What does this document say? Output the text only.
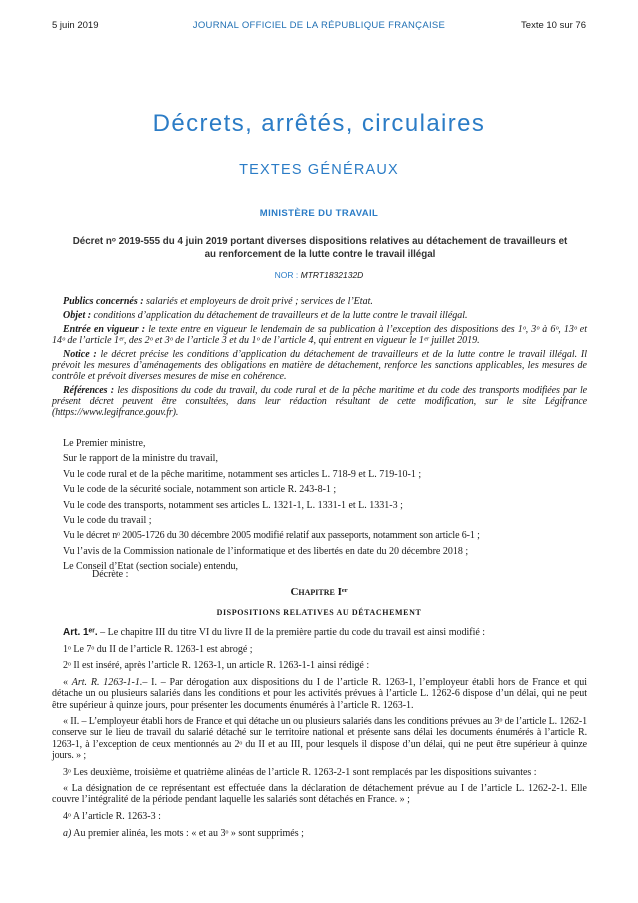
5 juin 2019	JOURNAL OFFICIEL DE LA RÉPUBLIQUE FRANÇAISE	Texte 10 sur 76
Décrets, arrêtés, circulaires
TEXTES GÉNÉRAUX
MINISTÈRE DU TRAVAIL
Décret nᵒ 2019-555 du 4 juin 2019 portant diverses dispositions relatives au détachement de travailleurs et au renforcement de la lutte contre le travail illégal
NOR : MTRT1832132D

Publics concernés : salariés et employeurs de droit privé ; services de l’Etat.

Objet : conditions d’application du détachement de travailleurs et de la lutte contre le travail illégal.

Entrée en vigueur : le texte entre en vigueur le lendemain de sa publication à l’exception des dispositions des 1ᵒ, 3ᵒ à 6ᵒ, 13ᵒ et 14ᵒ de l’article 1ᵉʳ, des 2ᵒ et 3ᵒ de l’article 3 et du 1ᵒ de l’article 4, qui entrent en vigueur le 1ᵉʳ juillet 2019.

Notice : le décret précise les conditions d’application du détachement de travailleurs et de la lutte contre le travail illégal. Il prévoit les mesures d’aménagements des obligations en matière de détachement, renforce les sanctions applicables, les mesures de contrôle et prévoit diverses mesures de mise en cohérence.

Références : les dispositions du code du travail, du code rural et de la pêche maritime et du code des transports modifiées par le présent décret peuvent être consultées, dans leur rédaction résultant de cette modification, sur le site Légifrance (https://www.legifrance.gouv.fr).

Le Premier ministre,

Sur le rapport de la ministre du travail,

Vu le code rural et de la pêche maritime, notamment ses articles L. 718-9 et L. 719-10-1 ;

Vu le code de la sécurité sociale, notamment son article R. 243-8-1 ;

Vu le code des transports, notamment ses articles L. 1321-1, L. 1331-1 et L. 1331-3 ;

Vu le code du travail ;

Vu le décret nᵒ 2005-1726 du 30 décembre 2005 modifié relatif aux passeports, notamment son article 6-1 ;

Vu l’avis de la Commission nationale de l’informatique et des libertés en date du 20 décembre 2018 ;

Le Conseil d’Etat (section sociale) entendu,

Décrète :
Chapitre Iᵉʳ
DISPOSITIONS RELATIVES AU DÉTACHEMENT

Art. 1ᵉʳ. – Le chapitre III du titre VI du livre II de la première partie du code du travail est ainsi modifié :

1ᵒ Le 7ᵒ du II de l’article R. 1263-1 est abrogé ;

2ᵒ Il est inséré, après l’article R. 1263-1, un article R. 1263-1-1 ainsi rédigé :

« Art. R. 1263-1-1.– I. – Par dérogation aux dispositions du I de l’article R. 1263-1, l’employeur établi hors de France et qui détache un ou plusieurs salariés dans les conditions et pour les activités prévues à l’article L. 1262-6 dispose d’un délai, qui ne peut être supérieur à quinze jours, pour présenter les documents énumérés à l’article R. 1263-1.

« II. – L’employeur établi hors de France et qui détache un ou plusieurs salariés dans les conditions prévues au 3ᵒ de l’article L. 1262-1 conserve sur le lieu de travail du salarié détaché sur le territoire national et présente sans délai les documents énumérés à l’article R. 1263-1, à l’exception de ceux mentionnés au 2ᵒ du II et au III, pour lesquels il dispose d’un délai, qui ne peut être supérieur à quinze jours. » ;

3ᵒ Les deuxième, troisième et quatrième alinéas de l’article R. 1263-2-1 sont remplacés par les dispositions suivantes :

« La désignation de ce représentant est effectuée dans la déclaration de détachement prévue au I de l’article L. 1262-2-1. Elle couvre l’intégralité de la période pendant laquelle les salariés sont détachés en France. » ;

4ᵒ A l’article R. 1263-3 :

a) Au premier alinéa, les mots : « et au 3ᵒ » sont supprimés ;
